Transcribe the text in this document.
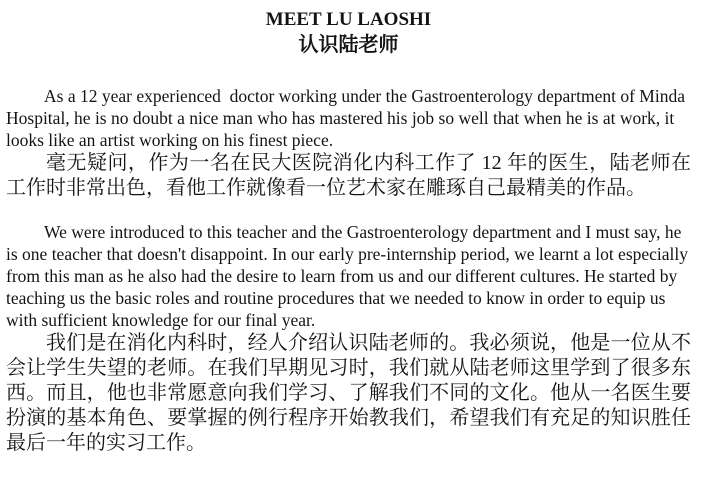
MEET LU LAOSHI
认识陆老师

As a 12 year experienced  doctor working under the Gastroenterology department of Minda Hospital, he is no doubt a nice man who has mastered his job so well that when he is at work, it looks like an artist working on his finest piece.

毫无疑问，作为一名在民大医院消化内科工作了 12 年的医生，陆老师在工作时非常出色，看他工作就像看一位艺术家在雕琢自己最精美的作品。

We were introduced to this teacher and the Gastroenterology department and I must say, he is one teacher that doesn't disappoint. In our early pre-internship period, we learnt a lot especially from this man as he also had the desire to learn from us and our different cultures. He started by teaching us the basic roles and routine procedures that we needed to know in order to equip us with sufficient knowledge for our final year.

我们是在消化内科时，经人介绍认识陆老师的。我必须说，他是一位从不会让学生失望的老师。在我们早期见习时，我们就从陆老师这里学到了很多东西。而且，他也非常愿意向我们学习、了解我们不同的文化。他从一名医生要扮演的基本角色、要掌握的例行程序开始教我们，希望我们有充足的知识胜任最后一年的实习工作。
